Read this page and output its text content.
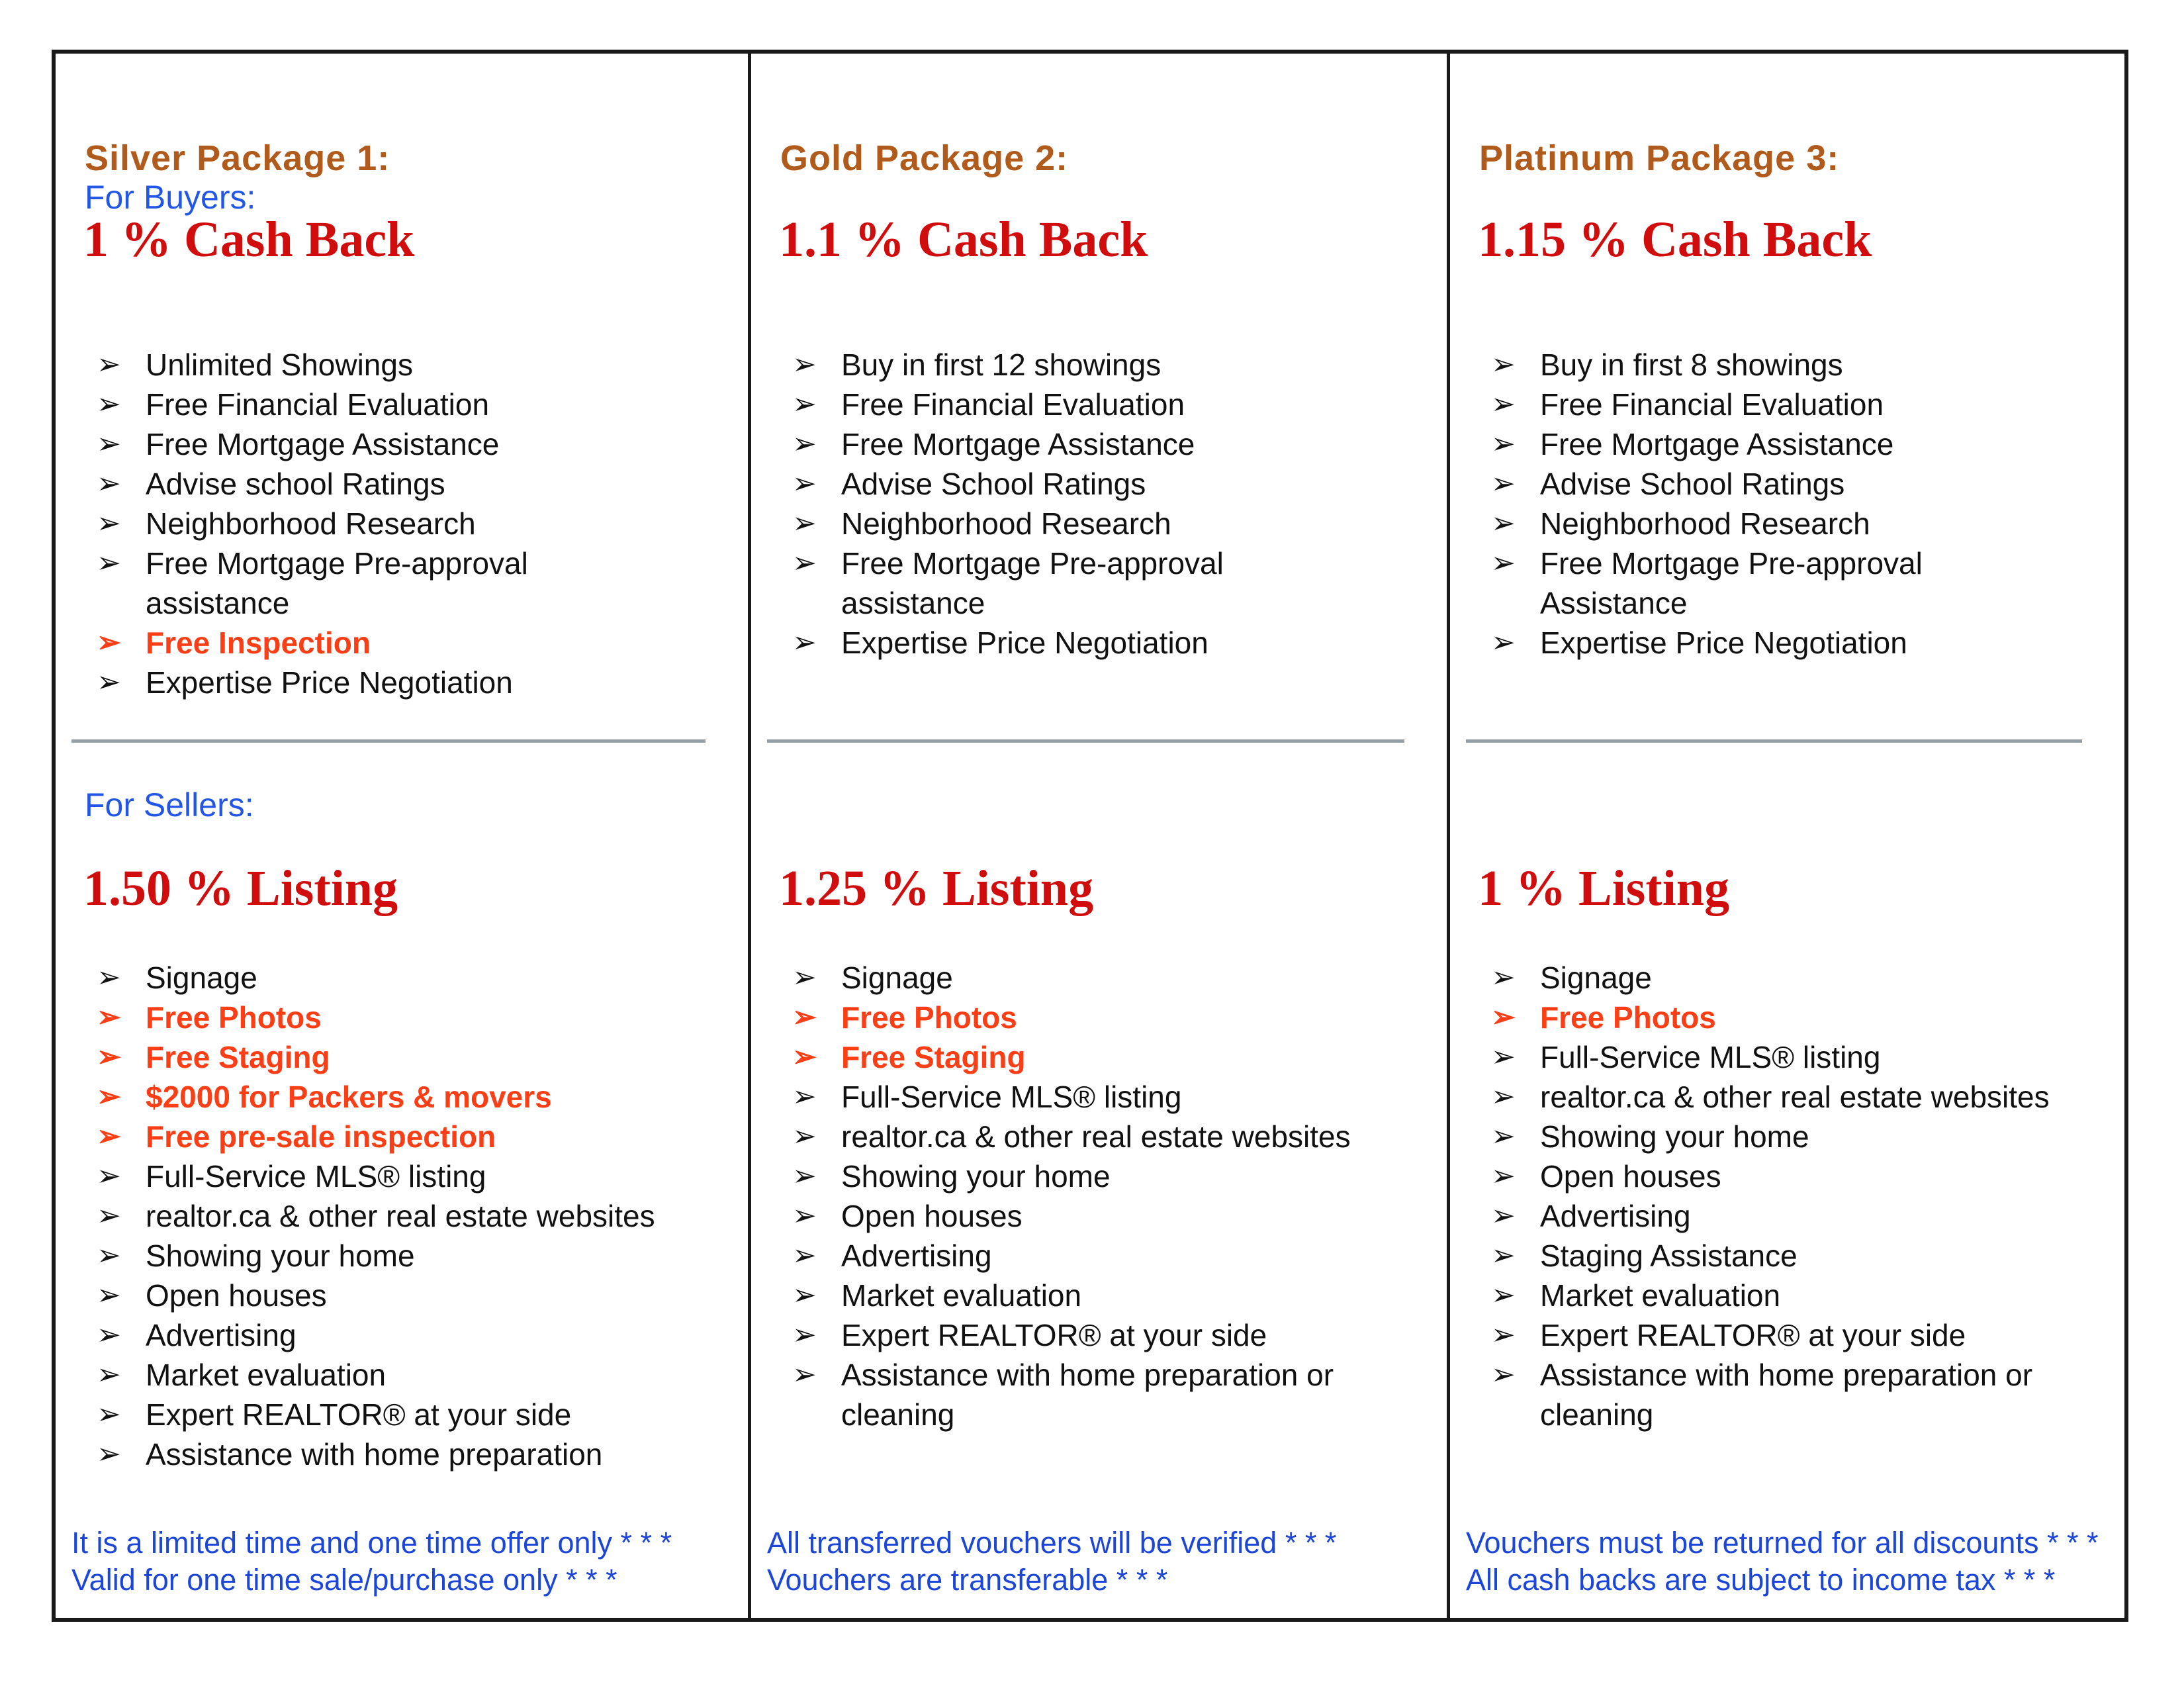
Silver Package 1:
For Buyers:
1 % Cash Back
➢ Unlimited Showings
➢ Free Financial Evaluation
➢ Free Mortgage Assistance
➢ Advise school Ratings
➢ Neighborhood Research
➢ Free Mortgage Pre-approval
assistance
➢ Free Inspection
➢ Expertise Price Negotiation
For Sellers:
1.50 % Listing
➢ Signage
➢ Free Photos
➢ Free Staging
➢ $2000 for Packers & movers
➢ Free pre-sale inspection
➢ Full-Service MLS® listing
➢ realtor.ca & other real estate websites
➢ Showing your home
➢ Open houses
➢ Advertising
➢ Market evaluation
➢ Expert REALTOR® at your side
➢ Assistance with home preparation
It is a limited time and one time offer only * * *
Valid for one time sale/purchase only * * *
Gold Package 2:
1.1 % Cash Back
➢ Buy in first 12 showings
➢ Free Financial Evaluation
➢ Free Mortgage Assistance
➢ Advise School Ratings
➢ Neighborhood Research
➢ Free Mortgage Pre-approval
assistance
➢ Expertise Price Negotiation
1.25 % Listing
➢ Signage
➢ Free Photos
➢ Free Staging
➢ Full-Service MLS® listing
➢ realtor.ca & other real estate websites
➢ Showing your home
➢ Open houses
➢ Advertising
➢ Market evaluation
➢ Expert REALTOR® at your side
➢ Assistance with home preparation or
cleaning
All transferred vouchers will be verified * * *
Vouchers are transferable * * *
Platinum Package 3:
1.15 % Cash Back
➢ Buy in first 8 showings
➢ Free Financial Evaluation
➢ Free Mortgage Assistance
➢ Advise School Ratings
➢ Neighborhood Research
➢ Free Mortgage Pre-approval
Assistance
➢ Expertise Price Negotiation
1 % Listing
➢ Signage
➢ Free Photos
➢ Full-Service MLS® listing
➢ realtor.ca & other real estate websites
➢ Showing your home
➢ Open houses
➢ Advertising
➢ Staging Assistance
➢ Market evaluation
➢ Expert REALTOR® at your side
➢ Assistance with home preparation or
cleaning
Vouchers must be returned for all discounts * * *
All cash backs are subject to income tax * * *
